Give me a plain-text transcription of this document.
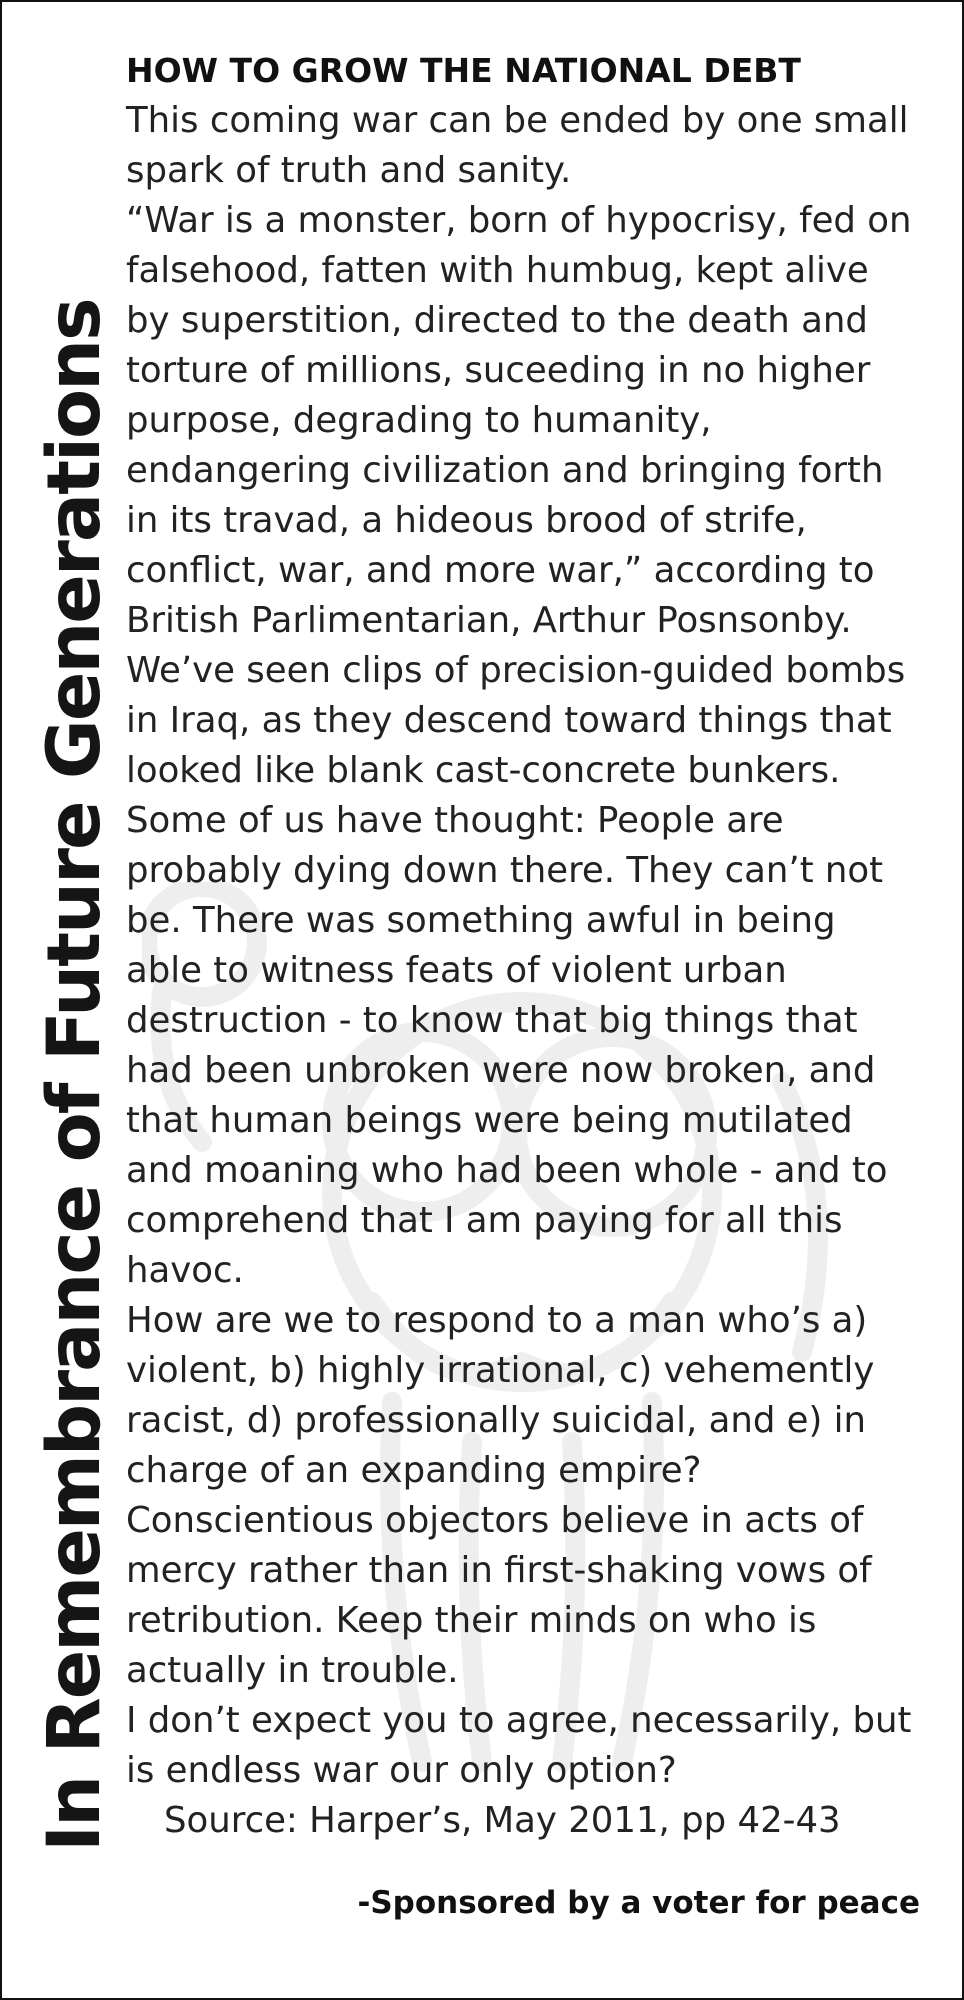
In Remembrance of Future Generations
HOW TO GROW THE NATIONAL DEBT

This coming war can be ended by one small
spark of truth and sanity.

“War is a monster, born of hypocrisy, fed on
falsehood, fatten with humbug, kept alive
by superstition, directed to the death and
torture of millions, suceeding in no higher
purpose, degrading to humanity,
endangering civilization and bringing forth
in its travad, a hideous brood of strife,
conflict, war, and more war,” according to
British Parlimentarian, Arthur Posnsonby.

We’ve seen clips of precision-guided bombs
in Iraq, as they descend toward things that
looked like blank cast-concrete bunkers.
Some of us have thought: People are
probably dying down there. They can’t not
be. There was something awful in being
able to witness feats of violent urban
destruction - to know that big things that
had been unbroken were now broken, and
that human beings were being mutilated
and moaning who had been whole - and to
comprehend that I am paying for all this
havoc.

How are we to respond to a man who’s a)
violent, b) highly irrational, c) vehemently
racist, d) professionally suicidal, and e) in
charge of an expanding empire?

Conscientious objectors believe in acts of
mercy rather than in first-shaking vows of
retribution. Keep their minds on who is
actually in trouble.

I don’t expect you to agree, necessarily, but
is endless war our only option?

Source: Harper’s, May 2011, pp 42-43

-Sponsored by a voter for peace
